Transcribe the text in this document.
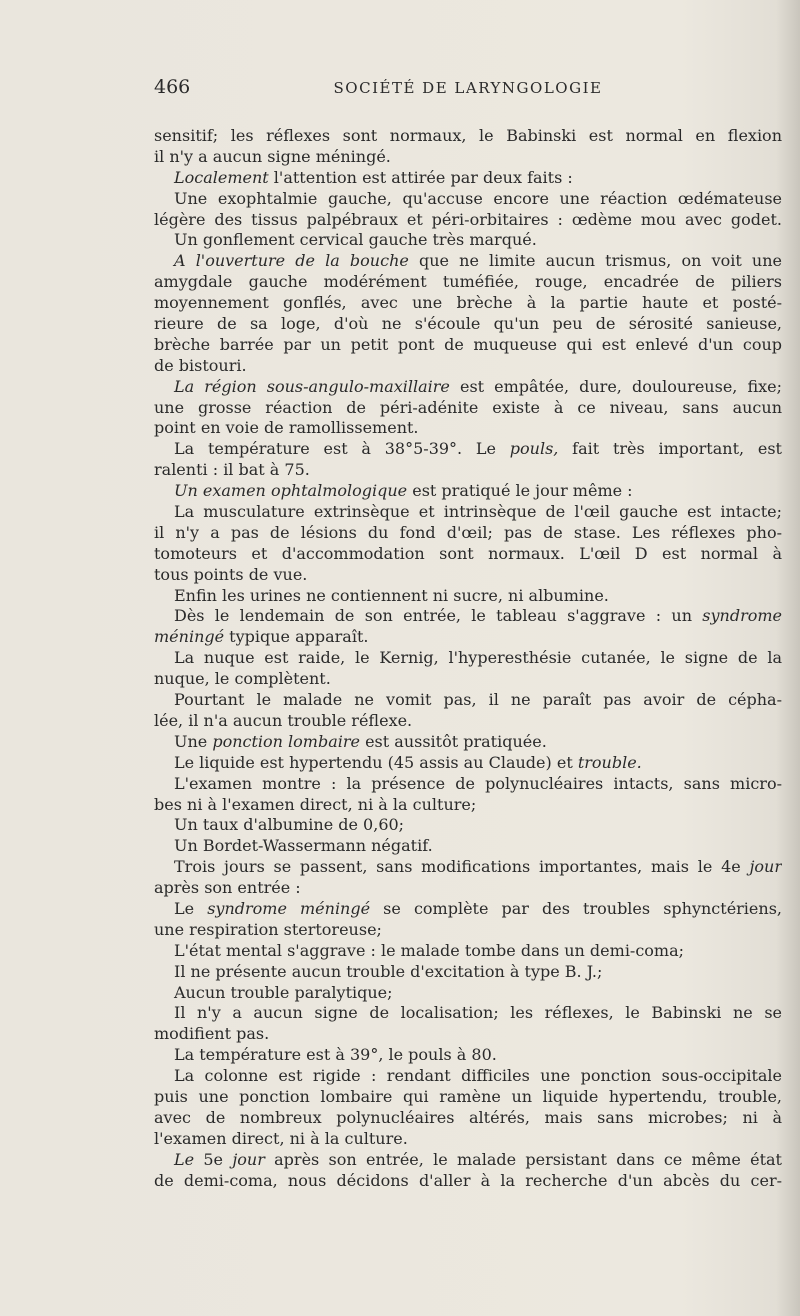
466	SOCIÉTÉ DE LARYNGOLOGIE
sensitif; les réflexes sont normaux, le Babinski est normal en flexion
il n'y a aucun signe méningé.
Localement l'attention est attirée par deux faits :
Une exophtalmie gauche, qu'accuse encore une réaction œdémateuse
légère des tissus palpébraux et péri-orbitaires : œdème mou avec godet.
Un gonflement cervical gauche très marqué.
A l'ouverture de la bouche que ne limite aucun trismus, on voit une
amygdale gauche modérément tuméfiée, rouge, encadrée de piliers
moyennement gonflés, avec une brèche à la partie haute et posté-
rieure de sa loge, d'où ne s'écoule qu'un peu de sérosité sanieuse,
brèche barrée par un petit pont de muqueuse qui est enlevé d'un coup
de bistouri.
La région sous-angulo-maxillaire est empâtée, dure, douloureuse, fixe;
une grosse réaction de péri-adénite existe à ce niveau, sans aucun
point en voie de ramollissement.
La température est à 38°5-39°. Le pouls, fait très important, est
ralenti : il bat à 75.
Un examen ophtalmologique est pratiqué le jour même :
La musculature extrinsèque et intrinsèque de l'œil gauche est intacte;
il n'y a pas de lésions du fond d'œil; pas de stase. Les réflexes pho-
tomoteurs et d'accommodation sont normaux. L'œil D est normal à
tous points de vue.
Enfin les urines ne contiennent ni sucre, ni albumine.
Dès le lendemain de son entrée, le tableau s'aggrave : un syndrome
méningé typique apparaît.
La nuque est raide, le Kernig, l'hyperesthésie cutanée, le signe de la
nuque, le complètent.
Pourtant le malade ne vomit pas, il ne paraît pas avoir de cépha-
lée, il n'a aucun trouble réflexe.
Une ponction lombaire est aussitôt pratiquée.
Le liquide est hypertendu (45 assis au Claude) et trouble.
L'examen montre : la présence de polynucléaires intacts, sans micro-
bes ni à l'examen direct, ni à la culture;
Un taux d'albumine de 0,60;
Un Bordet-Wassermann négatif.
Trois jours se passent, sans modifications importantes, mais le 4e jour
après son entrée :
Le syndrome méningé se complète par des troubles sphynctériens,
une respiration stertoreuse;
L'état mental s'aggrave : le malade tombe dans un demi-coma;
Il ne présente aucun trouble d'excitation à type B. J.;
Aucun trouble paralytique;
Il n'y a aucun signe de localisation; les réflexes, le Babinski ne se
modifient pas.
La température est à 39°, le pouls à 80.
La colonne est rigide : rendant difficiles une ponction sous-occipitale
puis une ponction lombaire qui ramène un liquide hypertendu, trouble,
avec de nombreux polynucléaires altérés, mais sans microbes; ni à
l'examen direct, ni à la culture.
Le 5e jour après son entrée, le malade persistant dans ce même état
de demi-coma, nous décidons d'aller à la recherche d'un abcès du cer-
